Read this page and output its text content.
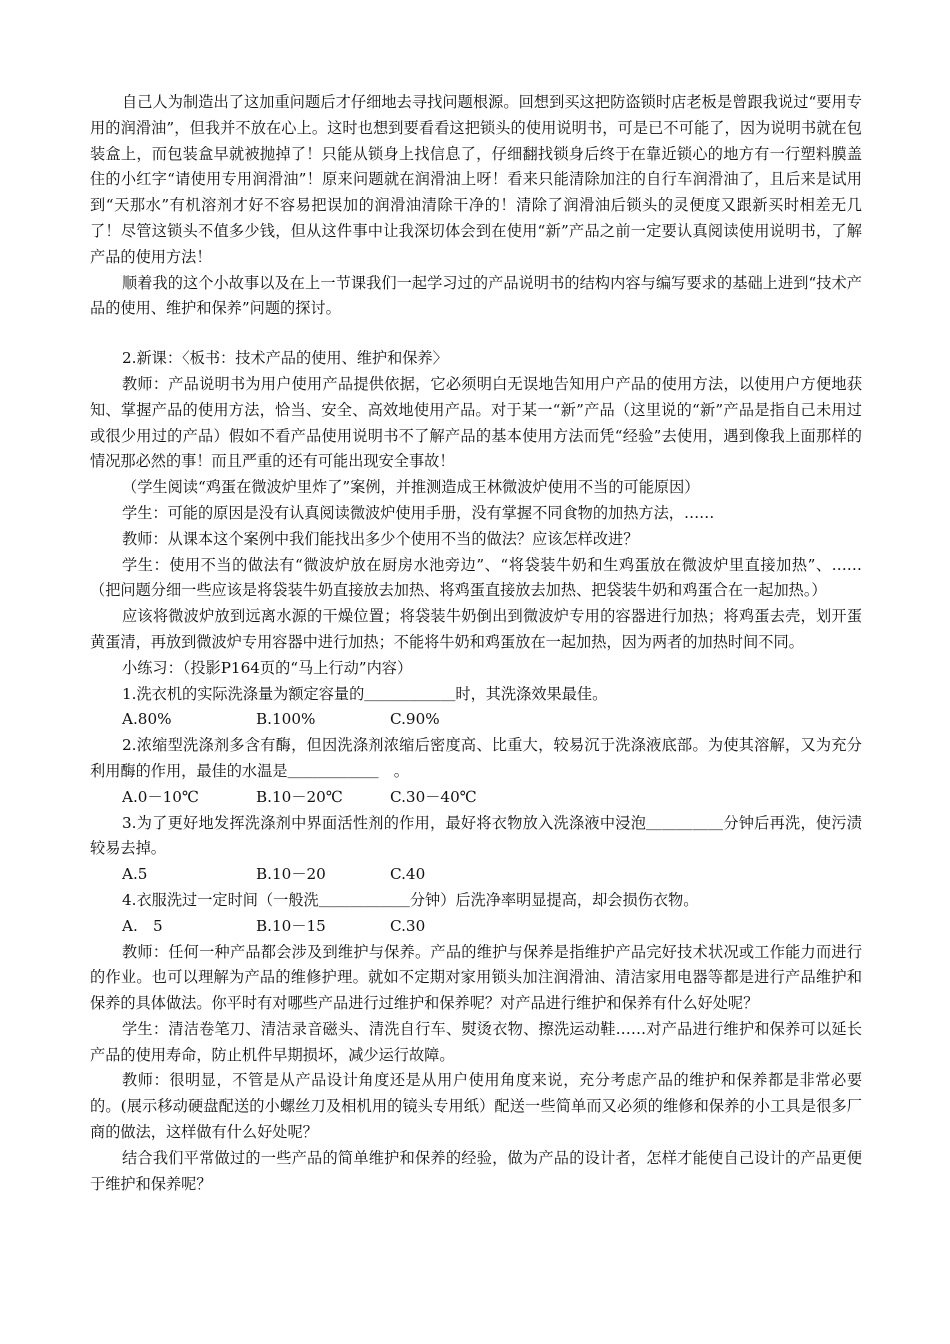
自己人为制造出了这加重问题后才仔细地去寻找问题根源。回想到买这把防盗锁时店老板是曾跟我说过“要用专用的润滑油”，但我并不放在心上。这时也想到要看看这把锁头的使用说明书，可是已不可能了，因为说明书就在包装盒上，而包装盒早就被抛掉了！只能从锁身上找信息了，仔细翻找锁身后终于在靠近锁心的地方有一行塑料膜盖住的小红字“请使用专用润滑油”！原来问题就在润滑油上呀！看来只能清除加注的自行车润滑油了，且后来是试用到“天那水”有机溶剂才好不容易把误加的润滑油清除干净的！清除了润滑油后锁头的灵便度又跟新买时相差无几了！尽管这锁头不值多少钱，但从这件事中让我深切体会到在使用“新”产品之前一定要认真阅读使用说明书，了解产品的使用方法！

顺着我的这个小故事以及在上一节课我们一起学习过的产品说明书的结构内容与编写要求的基础上进到“技术产品的使用、维护和保养”问题的探讨。

2.新课：〈板书：技术产品的使用、维护和保养〉

教师：产品说明书为用户使用产品提供依据，它必须明白无误地告知用户产品的使用方法，以使用户方便地获知、掌握产品的使用方法，恰当、安全、高效地使用产品。对于某一“新”产品（这里说的“新”产品是指自己未用过或很少用过的产品）假如不看产品使用说明书不了解产品的基本使用方法而凭“经验”去使用，遇到像我上面那样的情况那必然的事！而且严重的还有可能出现安全事故！

（学生阅读“鸡蛋在微波炉里炸了”案例，并推测造成王林微波炉使用不当的可能原因）

学生：可能的原因是没有认真阅读微波炉使用手册，没有掌握不同食物的加热方法，……

教师：从课本这个案例中我们能找出多少个使用不当的做法？应该怎样改进？

学生：使用不当的做法有“微波炉放在厨房水池旁边”、“将袋装牛奶和生鸡蛋放在微波炉里直接加热”、……（把问题分细一些应该是将袋装牛奶直接放去加热、将鸡蛋直接放去加热、把袋装牛奶和鸡蛋合在一起加热。）

应该将微波炉放到远离水源的干燥位置；将袋装牛奶倒出到微波炉专用的容器进行加热；将鸡蛋去壳，划开蛋黄蛋清，再放到微波炉专用容器中进行加热；不能将牛奶和鸡蛋放在一起加热，因为两者的加热时间不同。

小练习：（投影P164页的“马上行动”内容）

1.洗衣机的实际洗涤量为额定容量的＿＿＿＿＿＿时，其洗涤效果最佳。

A.80%	B.100%	C.90%

2.浓缩型洗涤剂多含有酶，但因洗涤剂浓缩后密度高、比重大，较易沉于洗涤液底部。为使其溶解，又为充分利用酶的作用，最佳的水温是＿＿＿＿＿＿　。

A.0－10℃	B.10－20℃	C.30－40℃

3.为了更好地发挥洗涤剂中界面活性剂的作用，最好将衣物放入洗涤液中浸泡＿＿＿＿＿分钟后再洗，使污渍较易去掉。

A.5	B.10－20	C.40

4.衣服洗过一定时间（一般洗＿＿＿＿＿＿分钟）后洗净率明显提高，却会损伤衣物。

A.　5	B.10－15	C.30

教师：任何一种产品都会涉及到维护与保养。产品的维护与保养是指维护产品完好技术状况或工作能力而进行的作业。也可以理解为产品的维修护理。就如不定期对家用锁头加注润滑油、清洁家用电器等都是进行产品维护和保养的具体做法。你平时有对哪些产品进行过维护和保养呢？对产品进行维护和保养有什么好处呢？

学生：清洁卷笔刀、清洁录音磁头、清洗自行车、熨烫衣物、擦洗运动鞋……对产品进行维护和保养可以延长产品的使用寿命，防止机件早期损坏，减少运行故障。

教师：很明显，不管是从产品设计角度还是从用户使用角度来说，充分考虑产品的维护和保养都是非常必要的。(展示移动硬盘配送的小螺丝刀及相机用的镜头专用纸）配送一些简单而又必须的维修和保养的小工具是很多厂商的做法，这样做有什么好处呢？

结合我们平常做过的一些产品的简单维护和保养的经验，做为产品的设计者，怎样才能使自己设计的产品更便于维护和保养呢？
